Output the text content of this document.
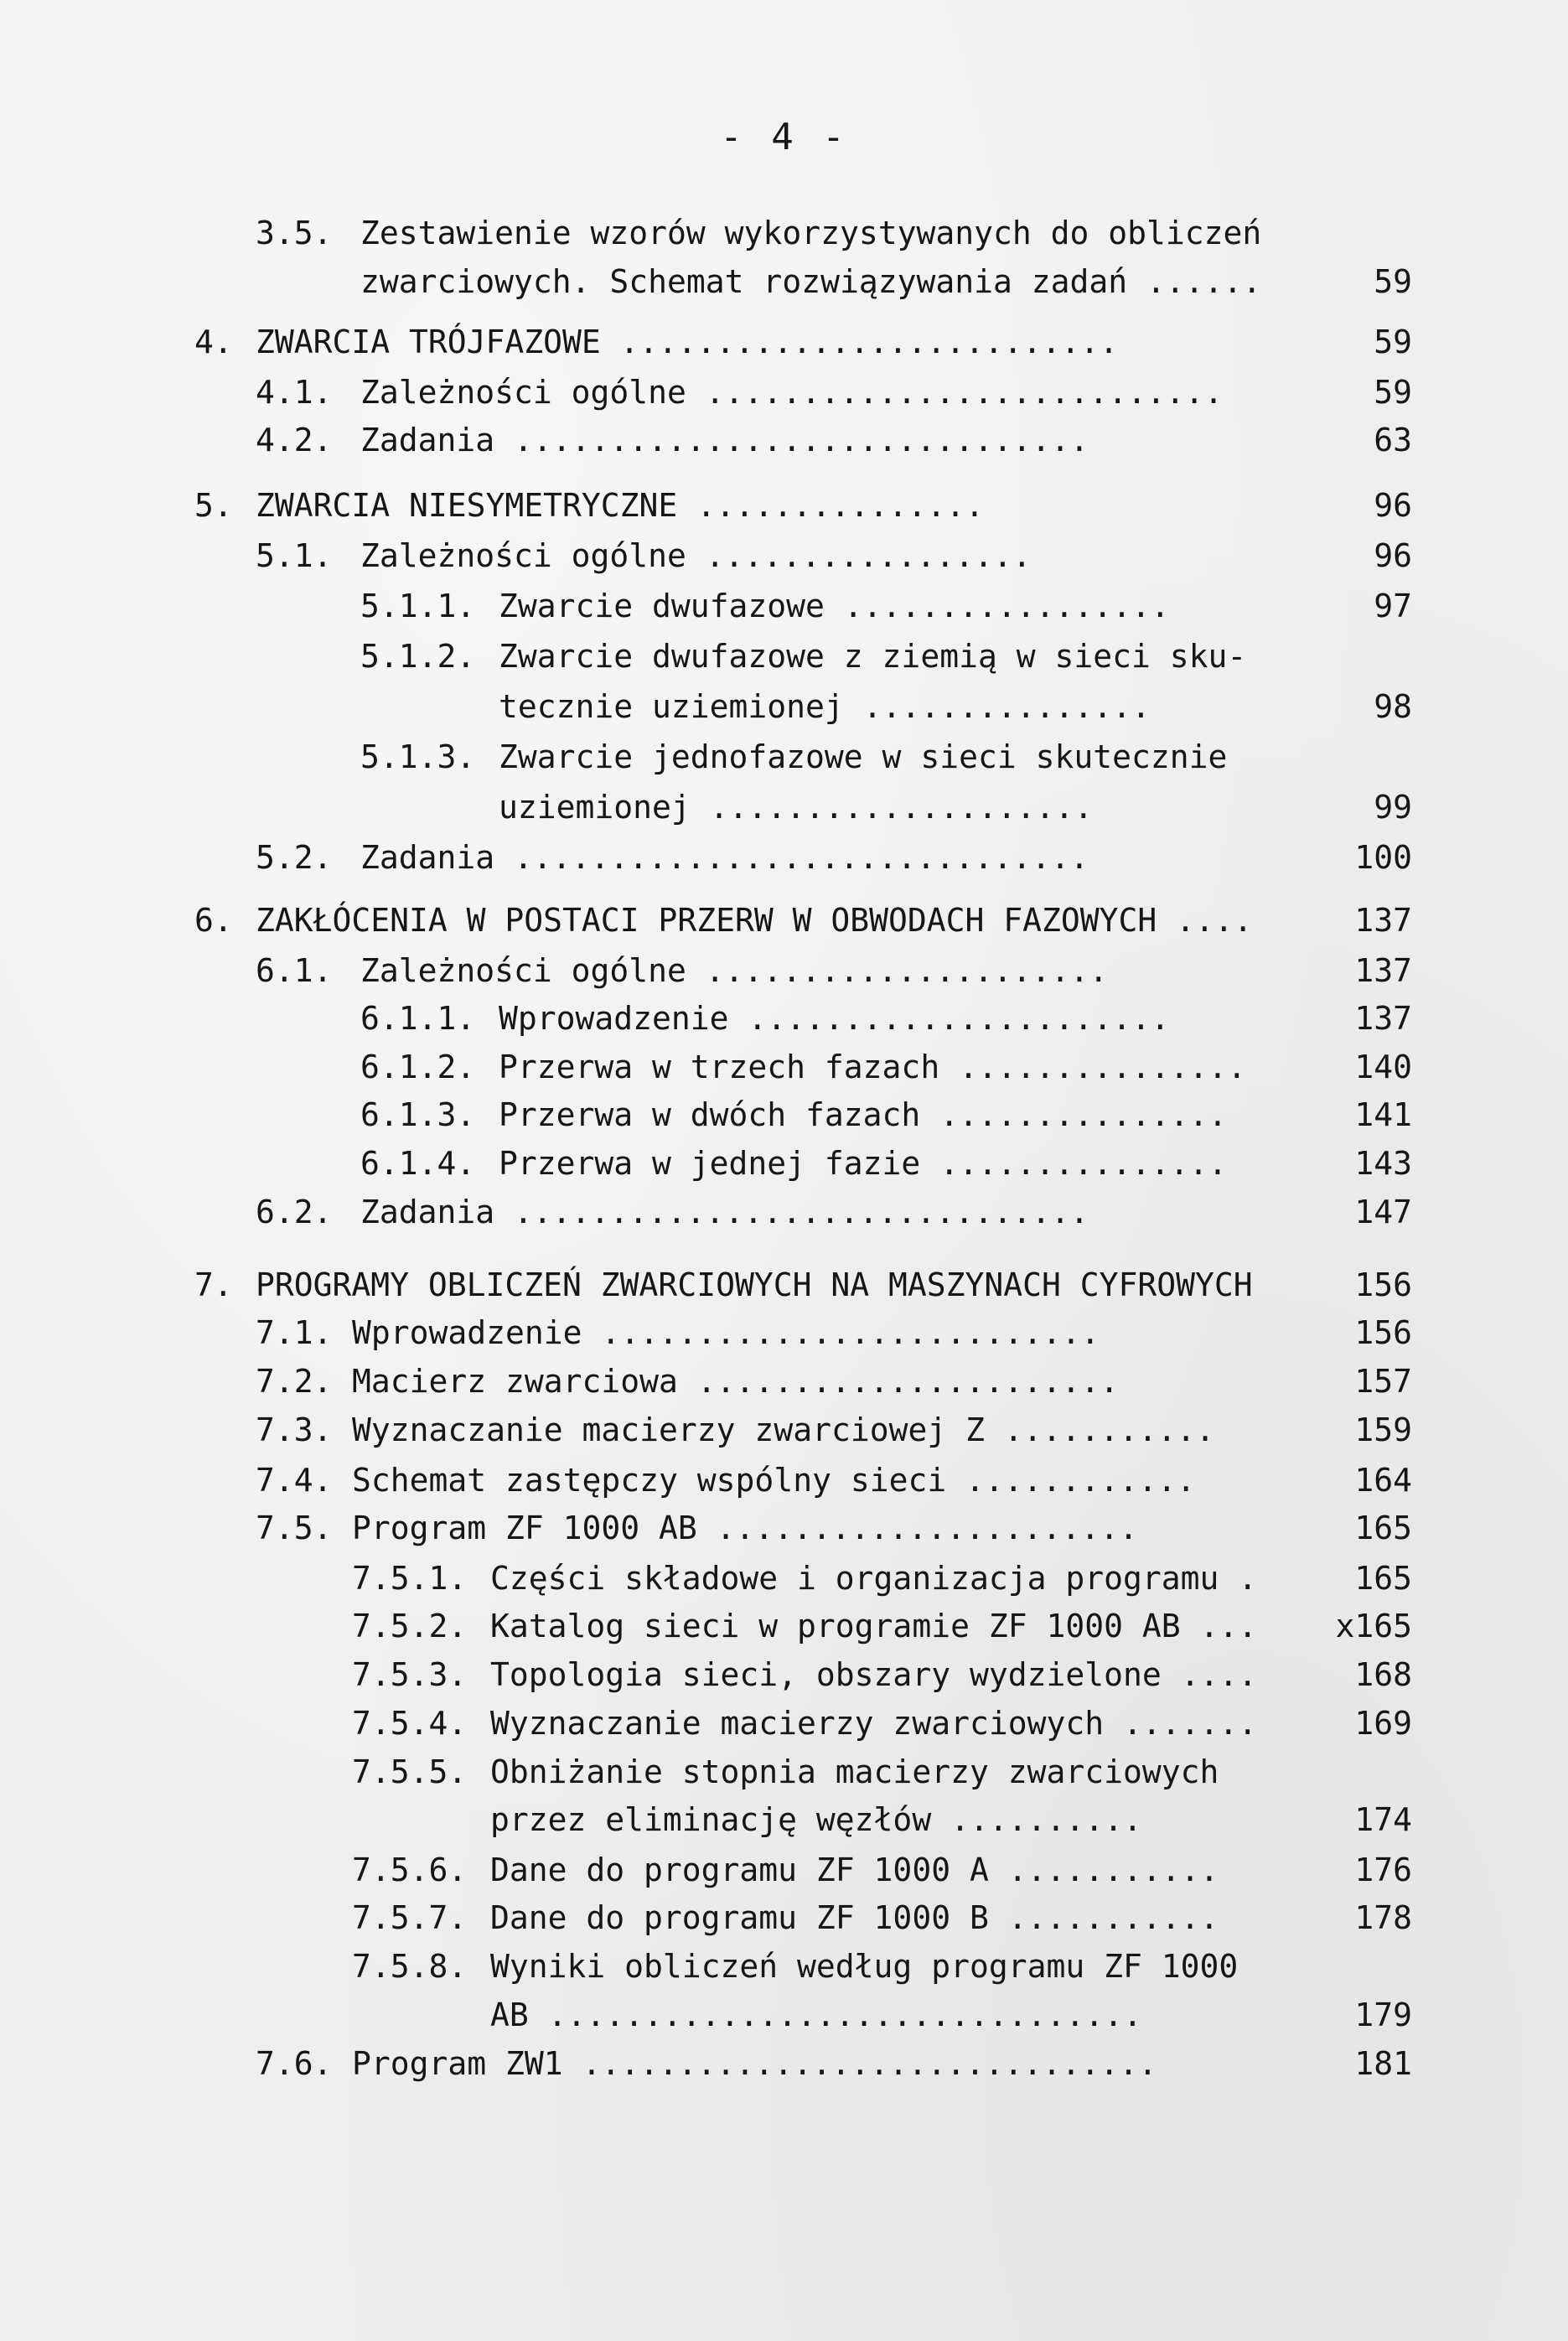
- 4 -
3.5. Zestawienie wzorów wykorzystywanych do obliczeń
zwarciowych. Schemat rozwiązywania zadań ......	59
4. ZWARCIA TRÓJFAZOWE ..........................	59
4.1. Zależności ogólne ...........................	59
4.2. Zadania ..............................	63
5. ZWARCIA NIESYMETRYCZNE ...............	96
5.1. Zależności ogólne .................	96
5.1.1. Zwarcie dwufazowe .................	97
5.1.2. Zwarcie dwufazowe z ziemią w sieci sku-
tecznie uziemionej ...............	98
5.1.3. Zwarcie jednofazowe w sieci skutecznie
uziemionej ....................	99
5.2. Zadania ..............................	100
6. ZAKŁÓCENIA W POSTACI PRZERW W OBWODACH FAZOWYCH ....	137
6.1. Zależności ogólne .....................	137
6.1.1. Wprowadzenie ......................	137
6.1.2. Przerwa w trzech fazach ...............	140
6.1.3. Przerwa w dwóch fazach ...............	141
6.1.4. Przerwa w jednej fazie ...............	143
6.2. Zadania ..............................	147
7. PROGRAMY OBLICZEŃ ZWARCIOWYCH NA MASZYNACH CYFROWYCH	156
7.1. Wprowadzenie ..........................	156
7.2. Macierz zwarciowa ......................	157
7.3. Wyznaczanie macierzy zwarciowej Z ...........	159
7.4. Schemat zastępczy wspólny sieci ............	164
7.5. Program ZF 1000 AB ......................	165
7.5.1. Części składowe i organizacja programu .	165
7.5.2. Katalog sieci w programie ZF 1000 AB ...	x165
7.5.3. Topologia sieci, obszary wydzielone ....	168
7.5.4. Wyznaczanie macierzy zwarciowych .......	169
7.5.5. Obniżanie stopnia macierzy zwarciowych
przez eliminację węzłów ..........	174
7.5.6. Dane do programu ZF 1000 A ...........	176
7.5.7. Dane do programu ZF 1000 B ...........	178
7.5.8. Wyniki obliczeń według programu ZF 1000
AB ...............................	179
7.6. Program ZW1 ..............................	181
